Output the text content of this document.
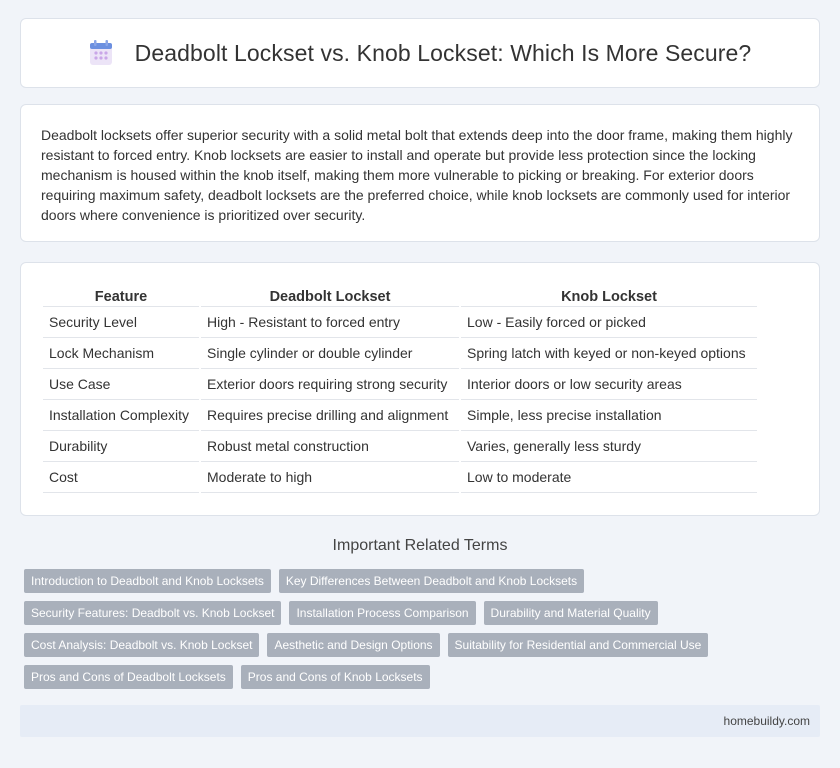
Deadbolt Lockset vs. Knob Lockset: Which Is More Secure?

Deadbolt locksets offer superior security with a solid metal bolt that extends deep into the door frame, making them highly resistant to forced entry. Knob locksets are easier to install and operate but provide less protection since the locking mechanism is housed within the knob itself, making them more vulnerable to picking or breaking. For exterior doors requiring maximum safety, deadbolt locksets are the preferred choice, while knob locksets are commonly used for interior doors where convenience is prioritized over security.

Feature	Deadbolt Lockset	Knob Lockset
Security Level	High - Resistant to forced entry	Low - Easily forced or picked
Lock Mechanism	Single cylinder or double cylinder	Spring latch with keyed or non-keyed options
Use Case	Exterior doors requiring strong security	Interior doors or low security areas
Installation Complexity	Requires precise drilling and alignment	Simple, less precise installation
Durability	Robust metal construction	Varies, generally less sturdy
Cost	Moderate to high	Low to moderate
Important Related Terms
Introduction to Deadbolt and Knob Locksets	Key Differences Between Deadbolt and Knob Locksets
Security Features: Deadbolt vs. Knob Lockset	Installation Process Comparison	Durability and Material Quality
Cost Analysis: Deadbolt vs. Knob Lockset	Aesthetic and Design Options	Suitability for Residential and Commercial Use
Pros and Cons of Deadbolt Locksets	Pros and Cons of Knob Locksets
homebuildy.com
